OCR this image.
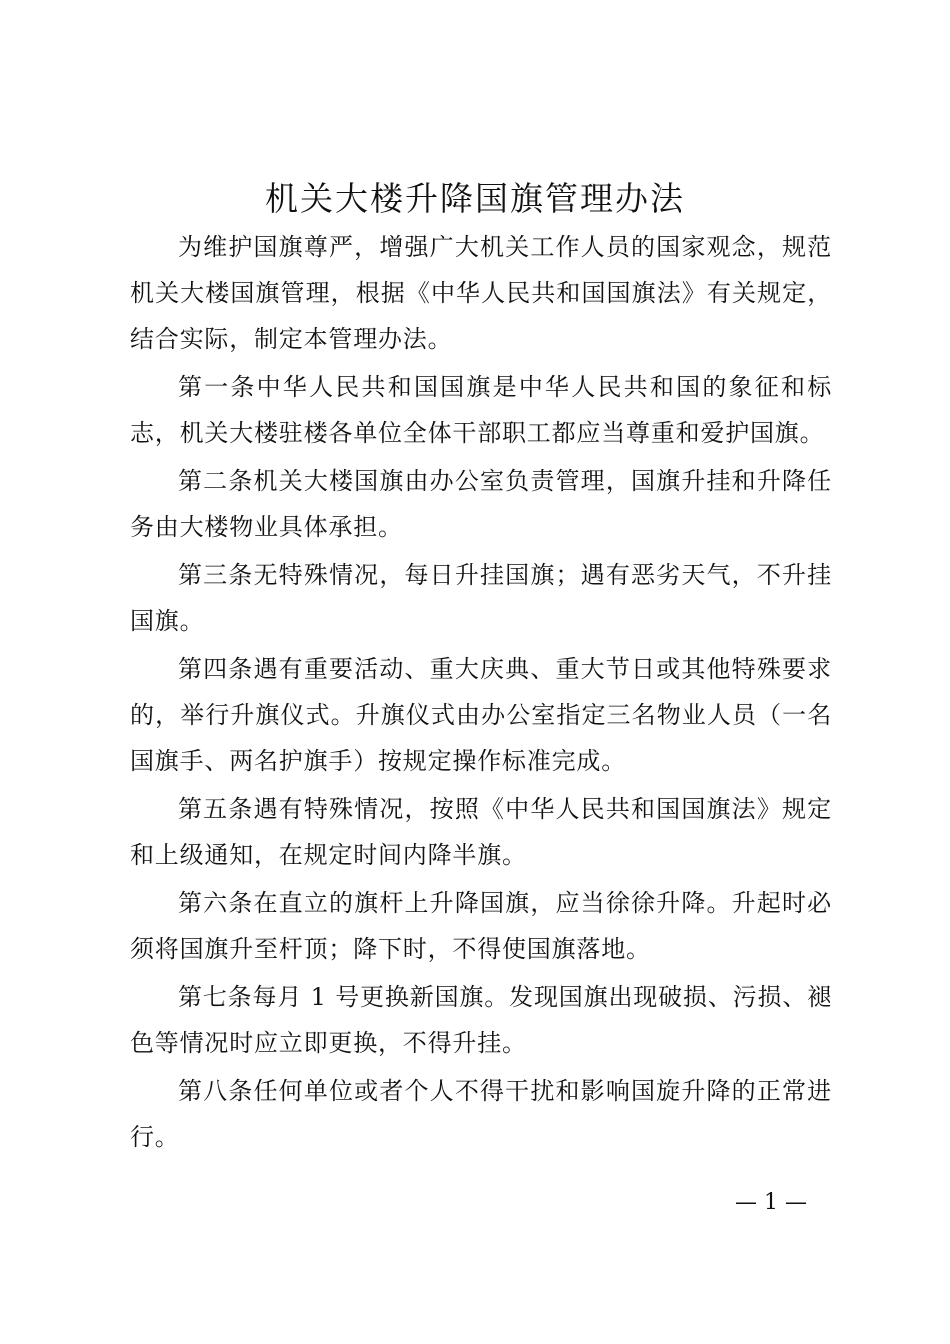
机关大楼升降国旗管理办法

为维护国旗尊严，增强广大机关工作人员的国家观念，规范机关大楼国旗管理，根据《中华人民共和国国旗法》有关规定，结合实际，制定本管理办法。

第一条中华人民共和国国旗是中华人民共和国的象征和标志，机关大楼驻楼各单位全体干部职工都应当尊重和爱护国旗。

第二条机关大楼国旗由办公室负责管理，国旗升挂和升降任务由大楼物业具体承担。

第三条无特殊情况，每日升挂国旗；遇有恶劣天气，不升挂国旗。

第四条遇有重要活动、重大庆典、重大节日或其他特殊要求的，举行升旗仪式。升旗仪式由办公室指定三名物业人员（一名国旗手、两名护旗手）按规定操作标准完成。

第五条遇有特殊情况，按照《中华人民共和国国旗法》规定和上级通知，在规定时间内降半旗。

第六条在直立的旗杆上升降国旗，应当徐徐升降。升起时必须将国旗升至杆顶；降下时，不得使国旗落地。

第七条每月 1 号更换新国旗。发现国旗出现破损、污损、褪色等情况时应立即更换，不得升挂。

第八条任何单位或者个人不得干扰和影响国旋升降的正常进行。

— 1 —
